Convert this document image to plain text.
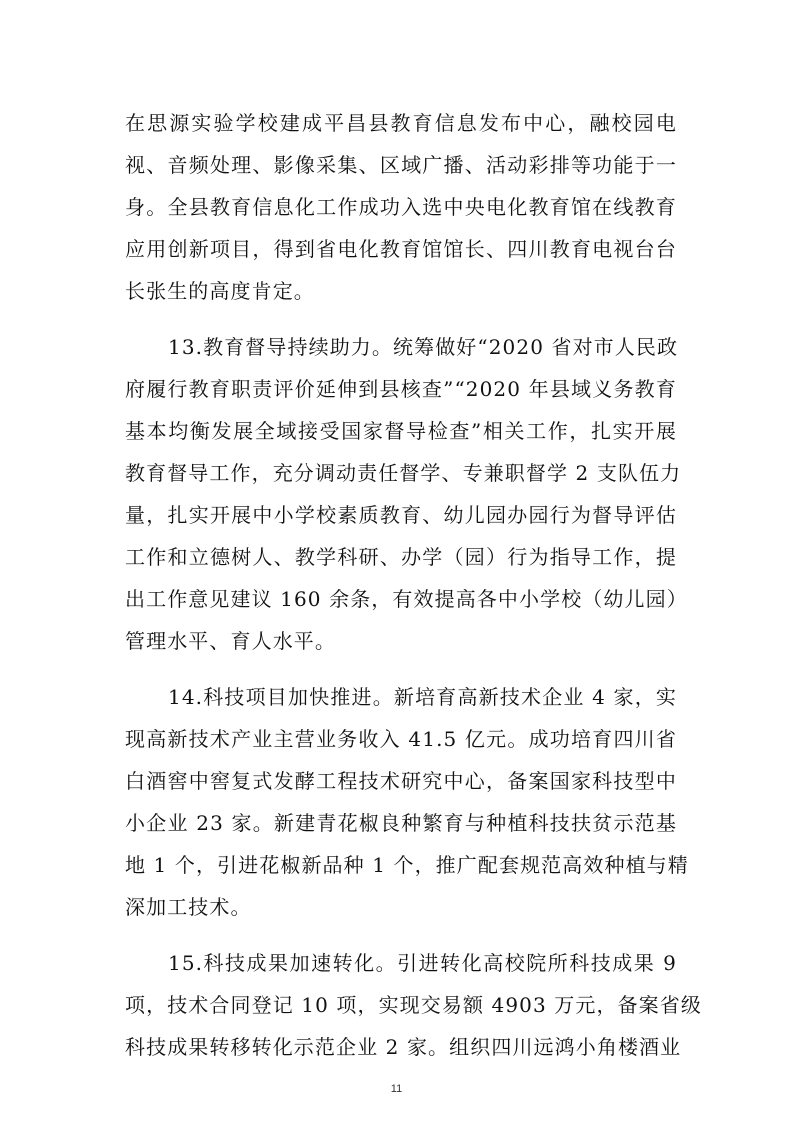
在思源实验学校建成平昌县教育信息发布中心，融校园电
视、音频处理、影像采集、区域广播、活动彩排等功能于一
身。全县教育信息化工作成功入选中央电化教育馆在线教育
应用创新项目，得到省电化教育馆馆长、四川教育电视台台
长张生的高度肯定。
13.教育督导持续助力。统筹做好“2020 省对市人民政
府履行教育职责评价延伸到县核查”“2020 年县域义务教育
基本均衡发展全域接受国家督导检查”相关工作，扎实开展
教育督导工作，充分调动责任督学、专兼职督学 2 支队伍力
量，扎实开展中小学校素质教育、幼儿园办园行为督导评估
工作和立德树人、教学科研、办学（园）行为指导工作，提
出工作意见建议 160 余条，有效提高各中小学校（幼儿园）
管理水平、育人水平。
14.科技项目加快推进。新培育高新技术企业 4 家，实
现高新技术产业主营业务收入 41.5 亿元。成功培育四川省
白酒窖中窖复式发酵工程技术研究中心，备案国家科技型中
小企业 23 家。新建青花椒良种繁育与种植科技扶贫示范基
地 1 个，引进花椒新品种 1 个，推广配套规范高效种植与精
深加工技术。
15.科技成果加速转化。引进转化高校院所科技成果 9
项，技术合同登记 10 项，实现交易额 4903 万元，备案省级
科技成果转移转化示范企业 2 家。组织四川远鸿小角楼酒业
11
